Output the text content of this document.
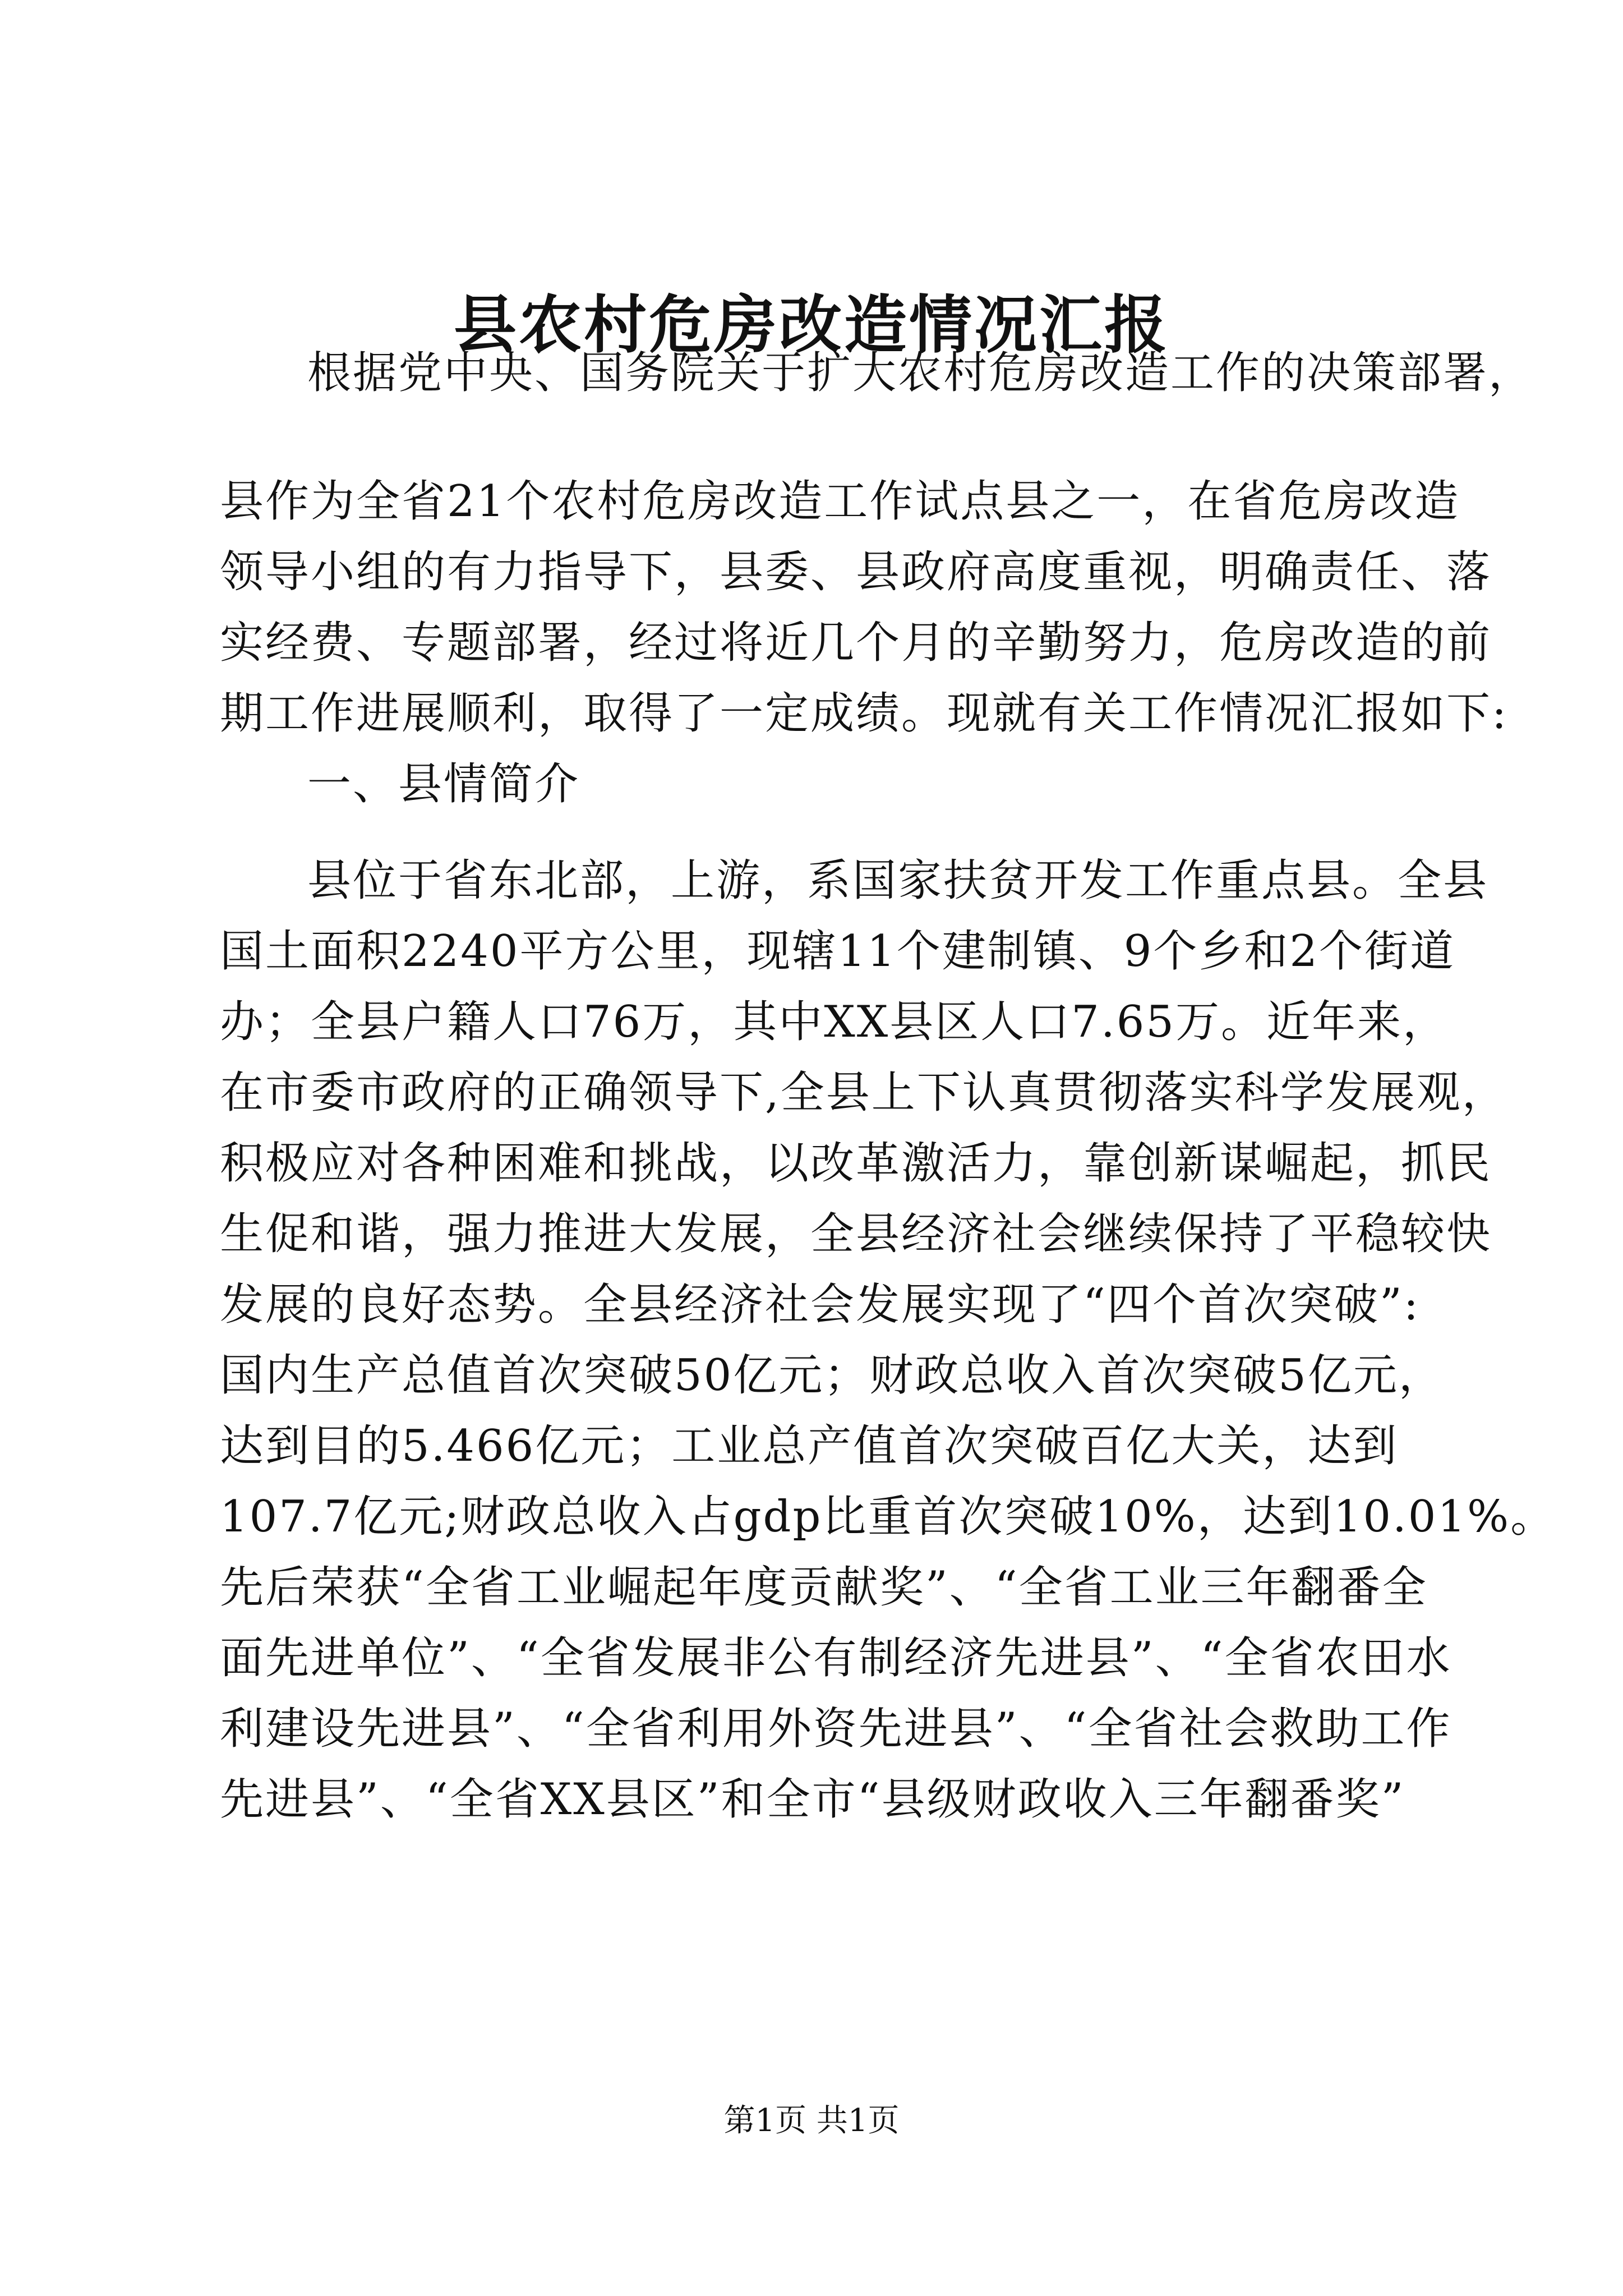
县农村危房改造情况汇报
根据党中央、国务院关于扩大农村危房改造工作的决策部署，
县作为全省21个农村危房改造工作试点县之一，在省危房改造
领导小组的有力指导下，县委、县政府高度重视，明确责任、落
实经费、专题部署，经过将近几个月的辛勤努力，危房改造的前
期工作进展顺利，取得了一定成绩。现就有关工作情况汇报如下:
一、县情简介
县位于省东北部，上游，系国家扶贫开发工作重点县。全县
国土面积2240平方公里，现辖11个建制镇、9个乡和2个街道
办；全县户籍人口76万，其中XX县区人口7.65万。近年来，
在市委市政府的正确领导下,全县上下认真贯彻落实科学发展观，
积极应对各种困难和挑战，以改革激活力，靠创新谋崛起，抓民
生促和谐，强力推进大发展，全县经济社会继续保持了平稳较快
发展的良好态势。全县经济社会发展实现了“四个首次突破”:
国内生产总值首次突破50亿元；财政总收入首次突破5亿元，
达到目的5.466亿元；工业总产值首次突破百亿大关，达到
107.7亿元;财政总收入占gdp比重首次突破10%，达到10.01%。
先后荣获“全省工业崛起年度贡献奖”、“全省工业三年翻番全
面先进单位”、“全省发展非公有制经济先进县”、“全省农田水
利建设先进县”、“全省利用外资先进县”、“全省社会救助工作
先进县”、“全省XX县区”和全市“县级财政收入三年翻番奖”
第1页 共1页
